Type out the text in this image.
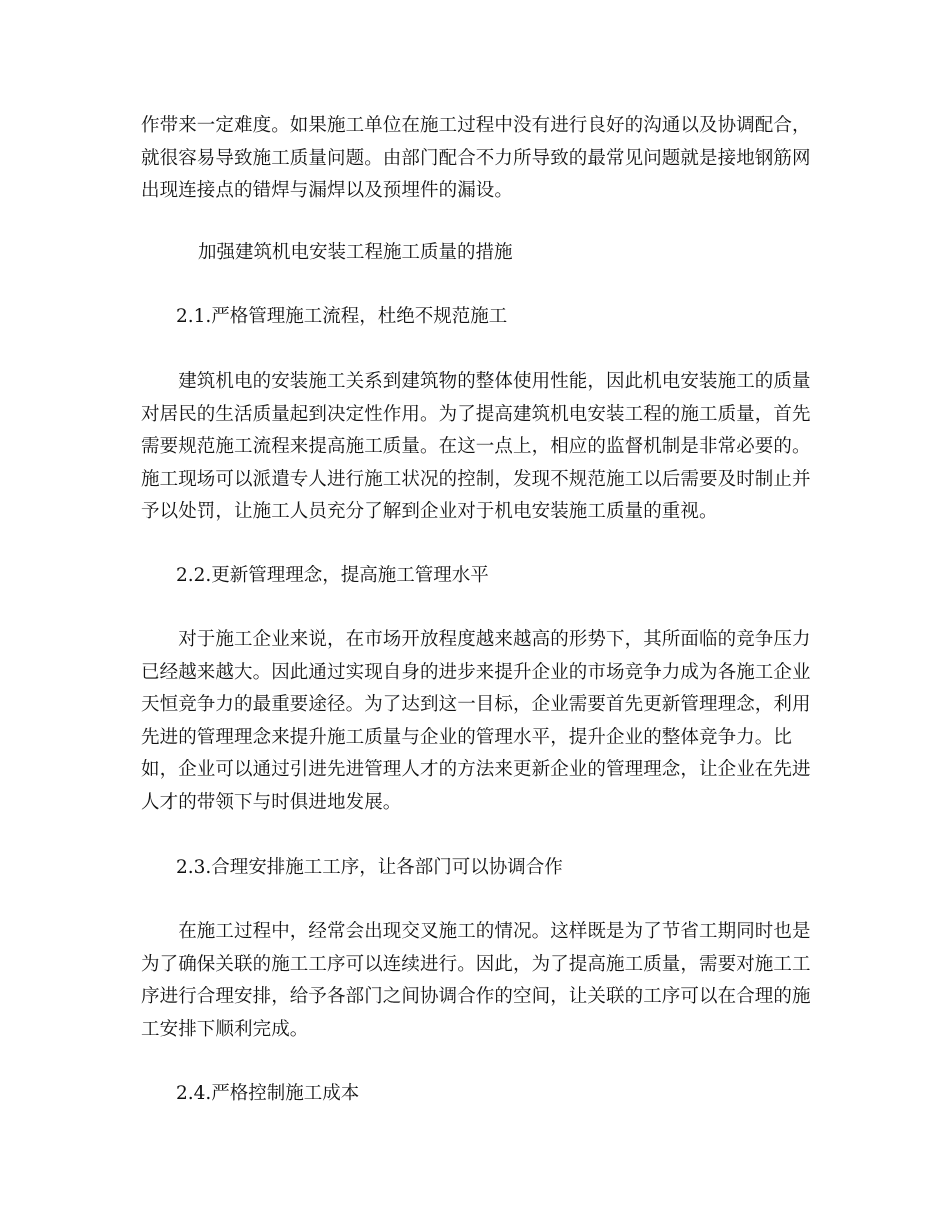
作带来一定难度。如果施工单位在施工过程中没有进行良好的沟通以及协调配合，
就很容易导致施工质量问题。由部门配合不力所导致的最常见问题就是接地钢筋网
出现连接点的错焊与漏焊以及预埋件的漏设。

加强建筑机电安装工程施工质量的措施
2.1.严格管理施工流程，杜绝不规范施工

　　建筑机电的安装施工关系到建筑物的整体使用性能，因此机电安装施工的质量
对居民的生活质量起到决定性作用。为了提高建筑机电安装工程的施工质量，首先
需要规范施工流程来提高施工质量。在这一点上，相应的监督机制是非常必要的。
施工现场可以派遣专人进行施工状况的控制，发现不规范施工以后需要及时制止并
予以处罚，让施工人员充分了解到企业对于机电安装施工质量的重视。

2.2.更新管理理念，提高施工管理水平

　　对于施工企业来说，在市场开放程度越来越高的形势下，其所面临的竞争压力
已经越来越大。因此通过实现自身的进步来提升企业的市场竞争力成为各施工企业
天恒竞争力的最重要途径。为了达到这一目标，企业需要首先更新管理理念，利用
先进的管理理念来提升施工质量与企业的管理水平，提升企业的整体竞争力。比
如，企业可以通过引进先进管理人才的方法来更新企业的管理理念，让企业在先进
人才的带领下与时俱进地发展。

2.3.合理安排施工工序，让各部门可以协调合作

　　在施工过程中，经常会出现交叉施工的情况。这样既是为了节省工期同时也是
为了确保关联的施工工序可以连续进行。因此，为了提高施工质量，需要对施工工
序进行合理安排，给予各部门之间协调合作的空间，让关联的工序可以在合理的施
工安排下顺利完成。

2.4.严格控制施工成本
